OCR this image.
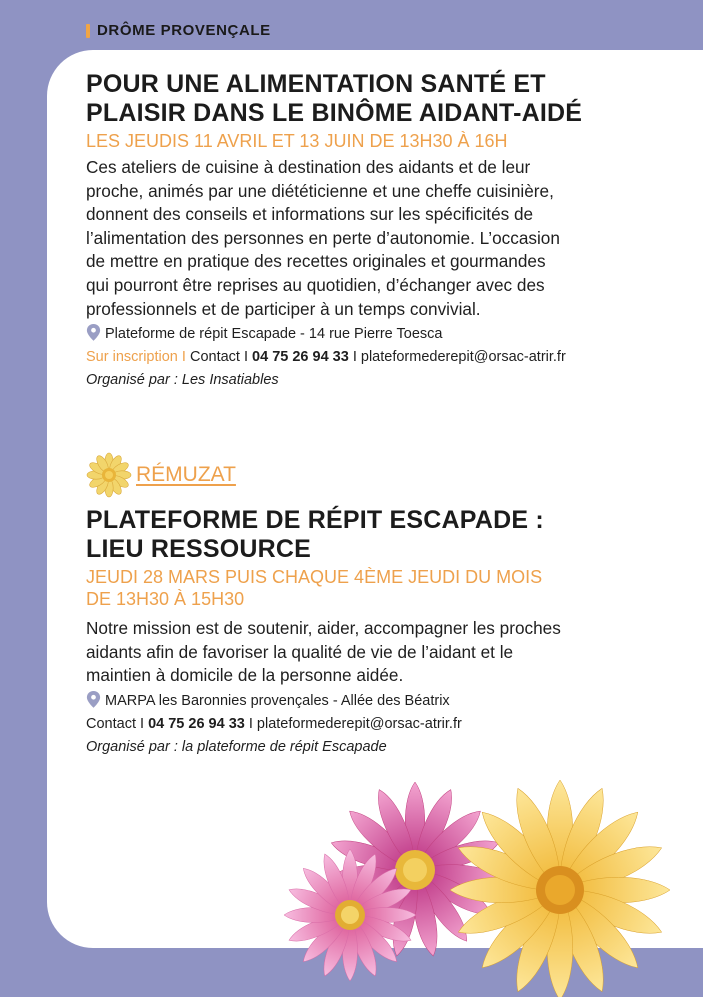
DRÔME PROVENÇALE

POUR UNE ALIMENTATION SANTÉ ET
PLAISIR DANS LE BINÔME AIDANT-AIDÉ

LES JEUDIS 11 AVRIL ET 13 JUIN DE 13H30 À 16H

Ces ateliers de cuisine à destination des aidants et de leur
proche, animés par une diététicienne et une cheffe cuisinière,
donnent des conseils et informations sur les spécificités de
l’alimentation des personnes en perte d’autonomie. L’occasion
de mettre en pratique des recettes originales et gourmandes
qui pourront être reprises au quotidien, d’échanger avec des
professionnels et de participer à un temps convivial.

Plateforme de répit Escapade - 14 rue Pierre Toesca

Sur inscription I Contact I 04 75 26 94 33 I plateformederepit@orsac-atrir.fr

Organisé par : Les Insatiables

RÉMUZAT

PLATEFORME DE RÉPIT ESCAPADE :
LIEU RESSOURCE

JEUDI 28 MARS PUIS CHAQUE 4ÈME JEUDI DU MOIS
DE 13H30 À 15H30

Notre mission est de soutenir, aider, accompagner les proches
aidants afin de favoriser la qualité de vie de l’aidant et le
maintien à domicile de la personne aidée.

MARPA les Baronnies provençales - Allée des Béatrix

Contact I 04 75 26 94 33 I plateformederepit@orsac-atrir.fr

Organisé par : la plateforme de répit Escapade
